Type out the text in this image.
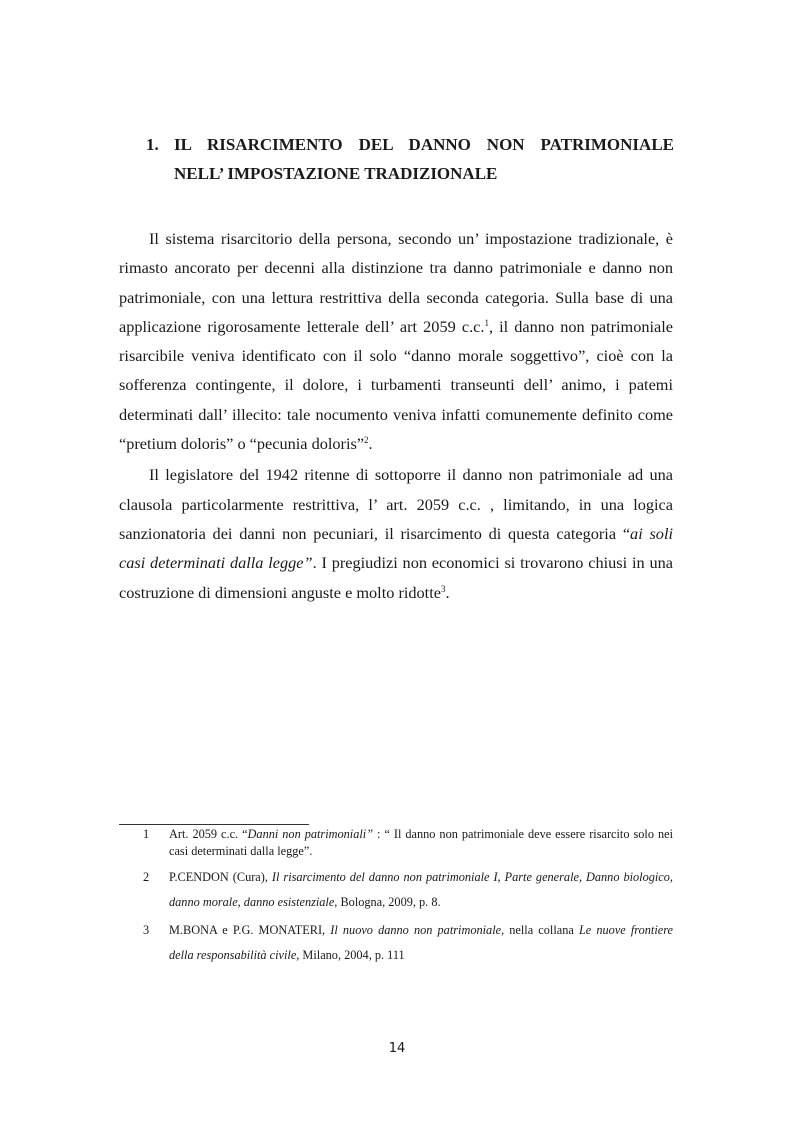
1. IL RISARCIMENTO DEL DANNO NON PATRIMONIALE
NELL’ IMPOSTAZIONE TRADIZIONALE

Il sistema risarcitorio della persona, secondo un’ impostazione tradizionale, è rimasto ancorato per decenni alla distinzione tra danno patrimoniale e danno non patrimoniale, con una lettura restrittiva della seconda categoria. Sulla base di una applicazione rigorosamente letterale dell’ art 2059 c.c.$^1$, il danno non patrimoniale risarcibile veniva identificato con il solo “danno morale soggettivo”, cioè con la sofferenza contingente, il dolore, i turbamenti transeunti dell’ animo, i patemi determinati dall’ illecito: tale nocumento veniva infatti comunemente definito come “pretium doloris” o “pecunia doloris”$^2$.

Il legislatore del 1942 ritenne di sottoporre il danno non patrimoniale ad una clausola particolarmente restrittiva, l’ art. 2059 c.c. , limitando, in una logica sanzionatoria dei danni non pecuniari, il risarcimento di questa categoria “ai soli casi determinati dalla legge”. I pregiudizi non economici si trovarono chiusi in una costruzione di dimensioni anguste e molto ridotte$^3$.

1 Art. 2059 c.c. “Danni non patrimoniali” : “ Il danno non patrimoniale deve essere risarcito solo nei casi determinati dalla legge”.
2 P.CENDON (Cura), Il risarcimento del danno non patrimoniale I, Parte generale, Danno biologico, danno morale, danno esistenziale, Bologna, 2009, p. 8.
3 M.BONA e P.G. MONATERI, Il nuovo danno non patrimoniale, nella collana Le nuove frontiere della responsabilità civile, Milano, 2004, p. 111
14
